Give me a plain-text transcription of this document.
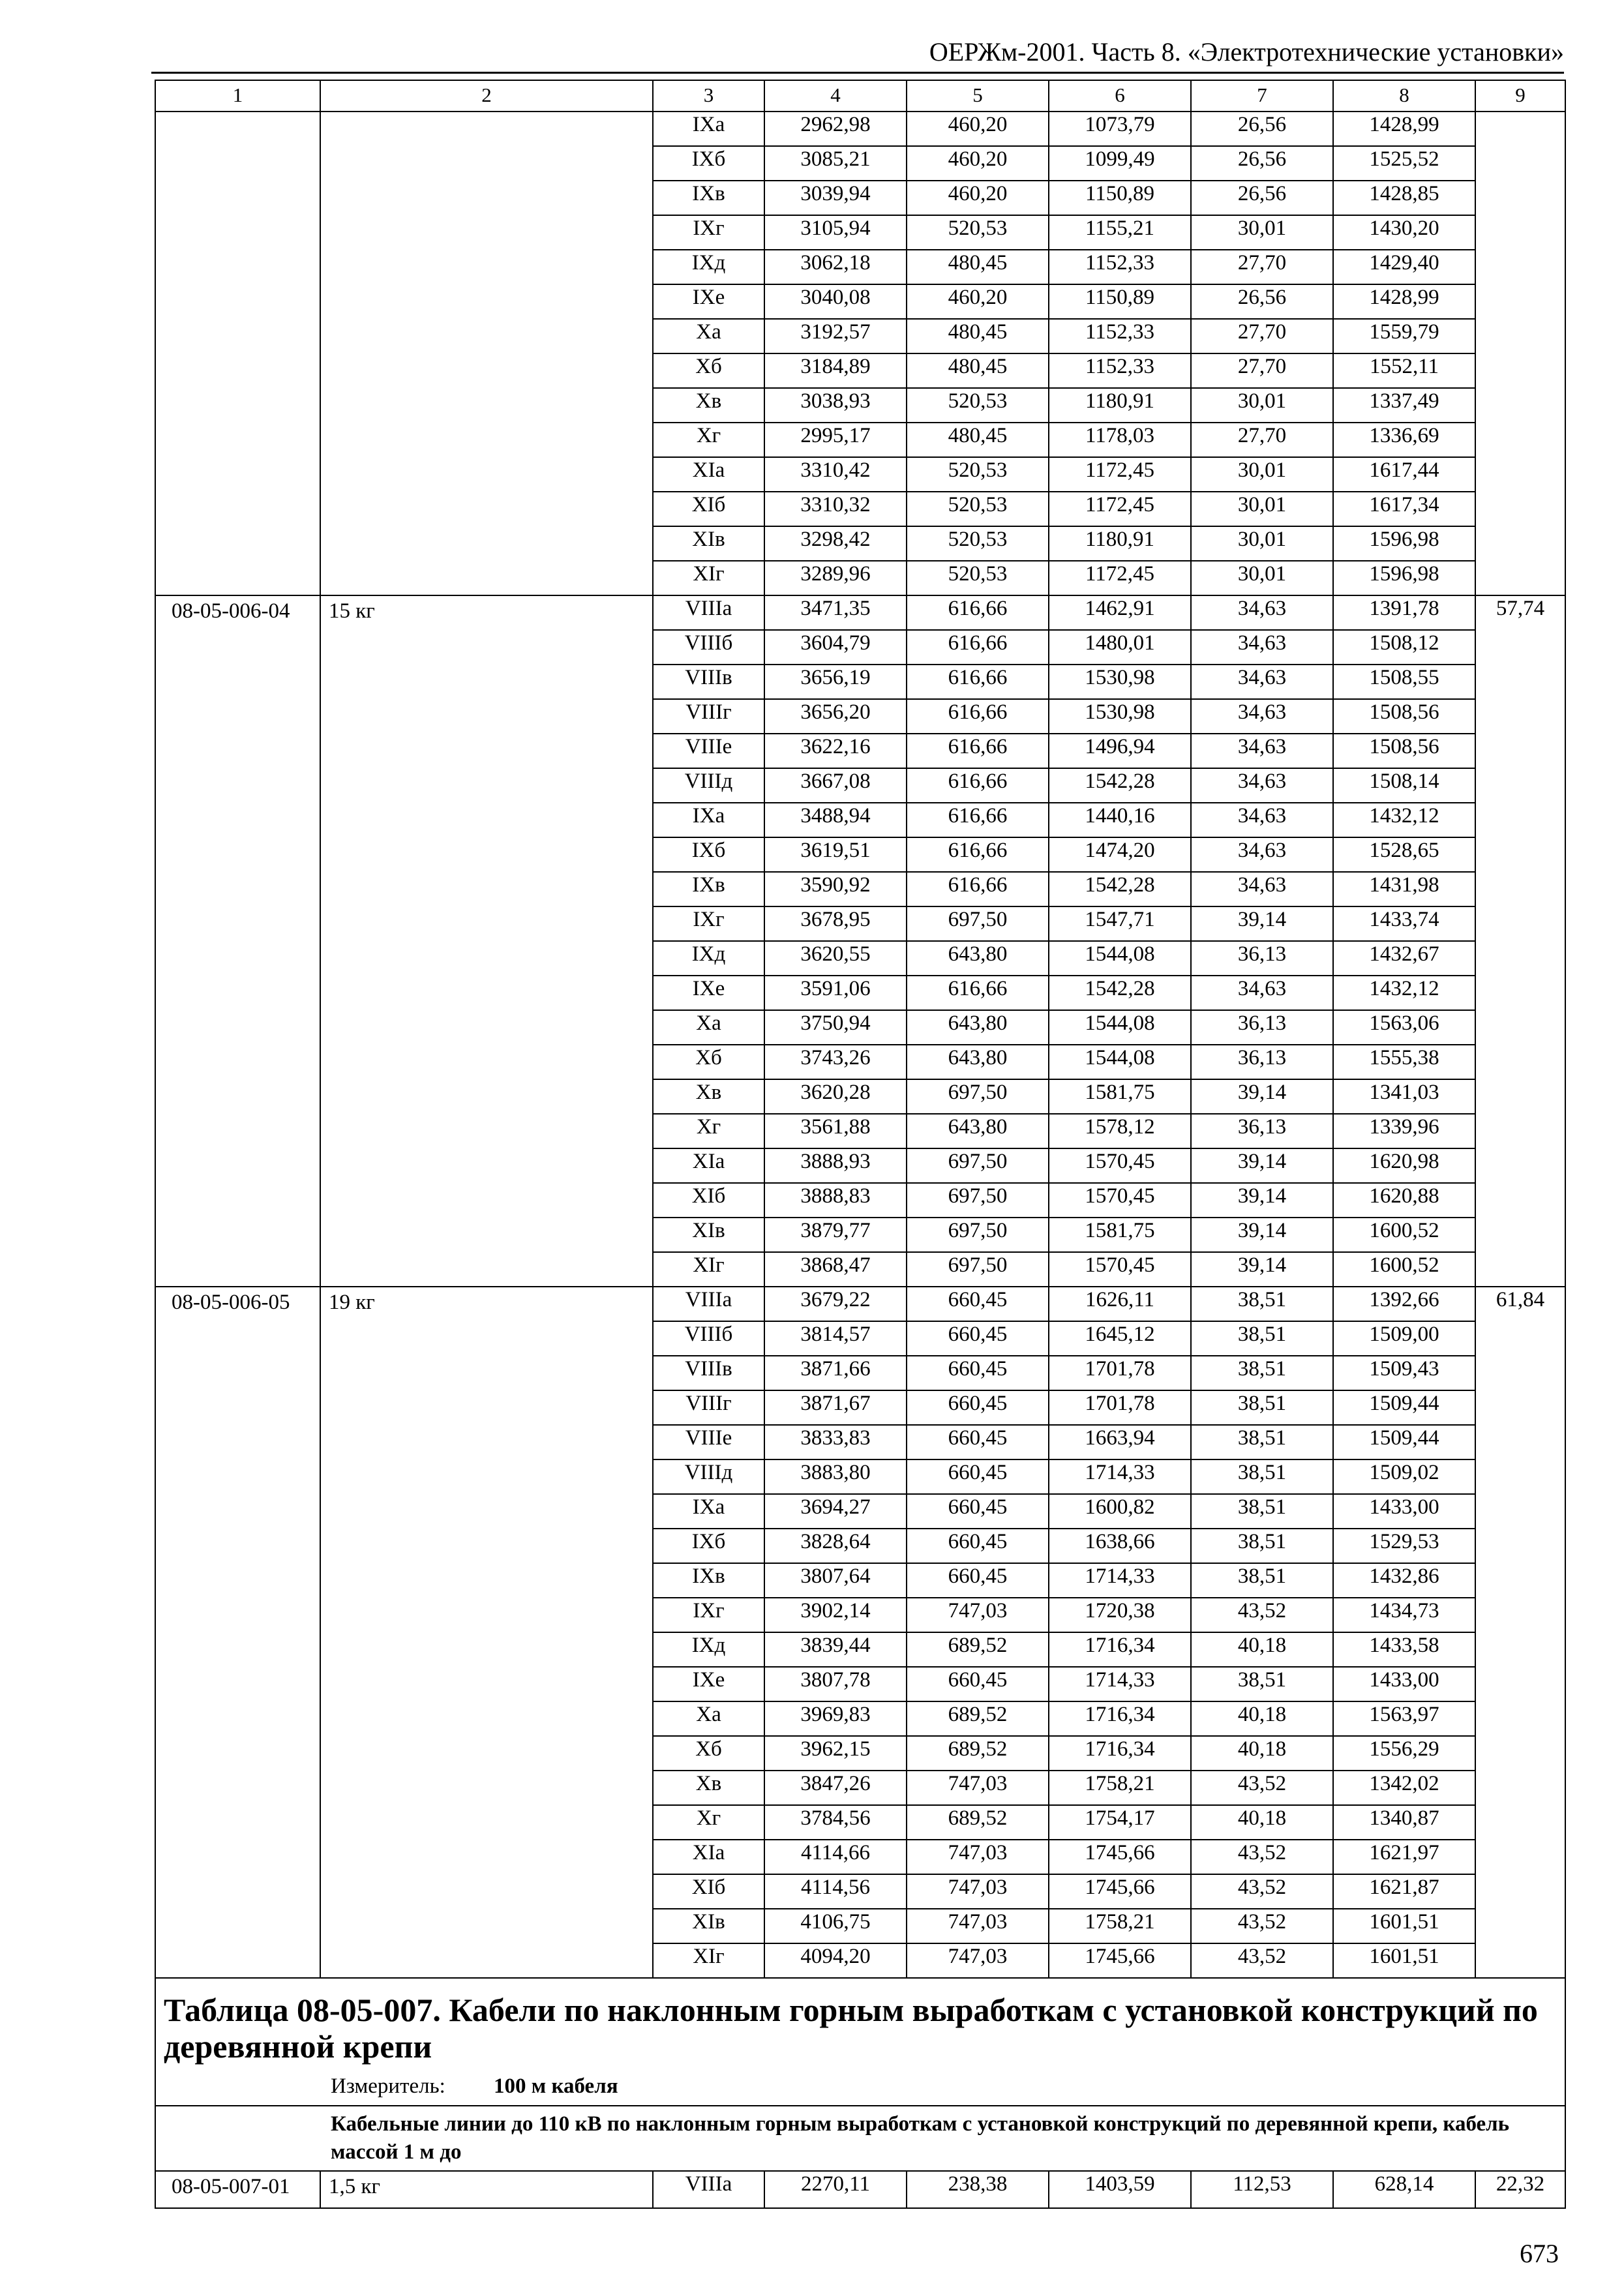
ОЕРЖм-2001. Часть 8. «Электротехнические установки»
1	2	3	4	5	6	7	8	9
		IXа	2962,98	460,20	1073,79	26,56	1428,99	
		IXб	3085,21	460,20	1099,49	26,56	1525,52	
		IXв	3039,94	460,20	1150,89	26,56	1428,85	
		IXг	3105,94	520,53	1155,21	30,01	1430,20	
		IXд	3062,18	480,45	1152,33	27,70	1429,40	
		IXе	3040,08	460,20	1150,89	26,56	1428,99	
		Xа	3192,57	480,45	1152,33	27,70	1559,79	
		Xб	3184,89	480,45	1152,33	27,70	1552,11	
		Xв	3038,93	520,53	1180,91	30,01	1337,49	
		Xг	2995,17	480,45	1178,03	27,70	1336,69	
		XIа	3310,42	520,53	1172,45	30,01	1617,44	
		XIб	3310,32	520,53	1172,45	30,01	1617,34	
		XIв	3298,42	520,53	1180,91	30,01	1596,98	
		XIг	3289,96	520,53	1172,45	30,01	1596,98	
08-05-006-04	15 кг	VIIIа	3471,35	616,66	1462,91	34,63	1391,78	57,74
		VIIIб	3604,79	616,66	1480,01	34,63	1508,12	
		VIIIв	3656,19	616,66	1530,98	34,63	1508,55	
		VIIIг	3656,20	616,66	1530,98	34,63	1508,56	
		VIIIе	3622,16	616,66	1496,94	34,63	1508,56	
		VIIIд	3667,08	616,66	1542,28	34,63	1508,14	
		IXа	3488,94	616,66	1440,16	34,63	1432,12	
		IXб	3619,51	616,66	1474,20	34,63	1528,65	
		IXв	3590,92	616,66	1542,28	34,63	1431,98	
		IXг	3678,95	697,50	1547,71	39,14	1433,74	
		IXд	3620,55	643,80	1544,08	36,13	1432,67	
		IXе	3591,06	616,66	1542,28	34,63	1432,12	
		Xа	3750,94	643,80	1544,08	36,13	1563,06	
		Xб	3743,26	643,80	1544,08	36,13	1555,38	
		Xв	3620,28	697,50	1581,75	39,14	1341,03	
		Xг	3561,88	643,80	1578,12	36,13	1339,96	
		XIа	3888,93	697,50	1570,45	39,14	1620,98	
		XIб	3888,83	697,50	1570,45	39,14	1620,88	
		XIв	3879,77	697,50	1581,75	39,14	1600,52	
		XIг	3868,47	697,50	1570,45	39,14	1600,52	
08-05-006-05	19 кг	VIIIа	3679,22	660,45	1626,11	38,51	1392,66	61,84
		VIIIб	3814,57	660,45	1645,12	38,51	1509,00	
		VIIIв	3871,66	660,45	1701,78	38,51	1509,43	
		VIIIг	3871,67	660,45	1701,78	38,51	1509,44	
		VIIIе	3833,83	660,45	1663,94	38,51	1509,44	
		VIIIд	3883,80	660,45	1714,33	38,51	1509,02	
		IXа	3694,27	660,45	1600,82	38,51	1433,00	
		IXб	3828,64	660,45	1638,66	38,51	1529,53	
		IXв	3807,64	660,45	1714,33	38,51	1432,86	
		IXг	3902,14	747,03	1720,38	43,52	1434,73	
		IXд	3839,44	689,52	1716,34	40,18	1433,58	
		IXе	3807,78	660,45	1714,33	38,51	1433,00	
		Xа	3969,83	689,52	1716,34	40,18	1563,97	
		Xб	3962,15	689,52	1716,34	40,18	1556,29	
		Xв	3847,26	747,03	1758,21	43,52	1342,02	
		Xг	3784,56	689,52	1754,17	40,18	1340,87	
		XIа	4114,66	747,03	1745,66	43,52	1621,97	
		XIб	4114,56	747,03	1745,66	43,52	1621,87	
		XIв	4106,75	747,03	1758,21	43,52	1601,51	
		XIг	4094,20	747,03	1745,66	43,52	1601,51	

Таблица 08-05-007. Кабели по наклонным горным выработкам с установкой конструкций по деревянной крепи
Измеритель: 100 м кабеля								

Кабельные линии до 110 кВ по наклонным горным выработкам с установкой конструкций по деревянной крепи, кабель массой 1 м до								

08-05-007-01	1,5 кг	VIIIа	2270,11	238,38	1403,59	112,53	628,14	22,32
673
